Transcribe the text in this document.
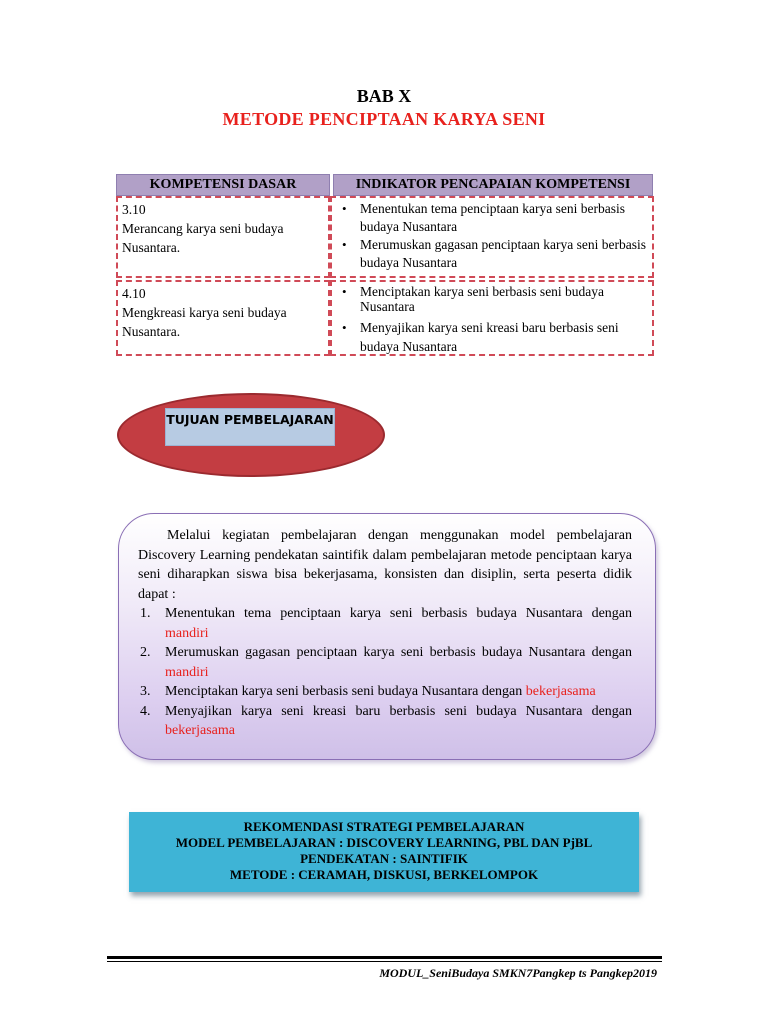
BAB X
METODE PENCIPTAAN KARYA SENI
KOMPETENSI DASAR	INDIKATOR PENCAPAIAN KOMPETENSI
3.10
Merancang karya seni budaya Nusantara.
• Menentukan tema penciptaan karya seni berbasis budaya Nusantara
• Merumuskan gagasan penciptaan karya seni berbasis budaya Nusantara
4.10
Mengkreasi karya seni budaya Nusantara.
• Menciptakan karya seni berbasis seni budaya Nusantara
• Menyajikan karya seni kreasi baru berbasis seni budaya Nusantara
TUJUAN PEMBELAJARAN

Melalui kegiatan pembelajaran dengan menggunakan model pembelajaran Discovery Learning pendekatan saintifik dalam pembelajaran metode penciptaan karya seni diharapkan siswa bisa bekerjasama, konsisten dan disiplin, serta peserta didik dapat :

1. Menentukan tema penciptaan karya seni berbasis budaya Nusantara dengan mandiri
2. Merumuskan gagasan penciptaan karya seni berbasis budaya Nusantara dengan mandiri
3. Menciptakan karya seni berbasis seni budaya Nusantara dengan bekerjasama
4. Menyajikan karya seni kreasi baru berbasis seni budaya Nusantara dengan bekerjasama
REKOMENDASI STRATEGI PEMBELAJARAN
MODEL PEMBELAJARAN : DISCOVERY LEARNING, PBL DAN PjBL
PENDEKATAN : SAINTIFIK
METODE : CERAMAH, DISKUSI, BERKELOMPOK
MODUL_SeniBudaya SMKN7Pangkep ts Pangkep2019
